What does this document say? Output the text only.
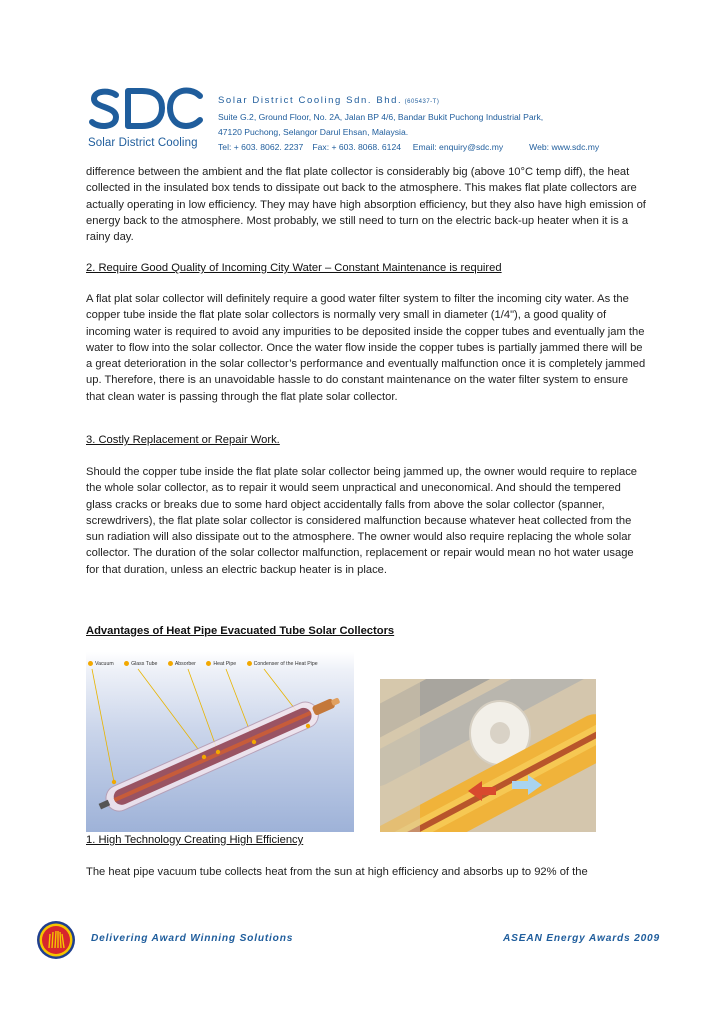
Solar District Cooling
Solar District Cooling Sdn. Bhd. (605437-T)
Suite G.2, Ground Floor, No. 2A, Jalan BP 4/6, Bandar Bukit Puchong Industrial Park,
47120 Puchong, Selangor Darul Ehsan, Malaysia.
Tel: + 603. 8062. 2237 Fax: + 603. 8068. 6124 Email: enquiry@sdc.my	Web: www.sdc.my

difference between the ambient and the flat plate collector is considerably big (above 10°C temp diff), the heat collected in the insulated box tends to dissipate out back to the atmosphere. This makes flat plate collectors are actually operating in low efficiency. They may have high absorption efficiency, but they also have high emission of energy back to the atmosphere. Most probably, we still need to turn on the electric back-up heater when it is a rainy day.

2. Require Good Quality of Incoming City Water – Constant Maintenance is required

A flat plat solar collector will definitely require a good water filter system to filter the incoming city water. As the copper tube inside the flat plate solar collectors is normally very small in diameter (1/4"), a good quality of incoming water is required to avoid any impurities to be deposited inside the copper tubes and eventually jam the water to flow into the solar collector. Once the water flow inside the copper tubes is partially jammed there will be a great deterioration in the solar collector’s performance and eventually malfunction once it is completely jammed up. Therefore, there is an unavoidable hassle to do constant maintenance on the water filter system to ensure that clean water is passing through the flat plate solar collector.

3. Costly Replacement or Repair Work.

Should the copper tube inside the flat plate solar collector being jammed up, the owner would require to replace the whole solar collector, as to repair it would seem unpractical and uneconomical. And should the tempered glass cracks or breaks due to some hard object accidentally falls from above the solar collector (spanner, screwdrivers), the flat plate solar collector is considered malfunction because whatever heat collected from the sun radiation will also dissipate out to the atmosphere. The owner would also require replacing the whole solar collector. The duration of the solar collector malfunction, replacement or repair would mean no hot water usage for that duration, unless an electric backup heater is in place.

Advantages of Heat Pipe Evacuated Tube Solar Collectors
Vacuum	Glass Tube	Absorber	Heat Pipe	Condenser of the Heat Pipe
1. High Technology Creating High Efficiency

The heat pipe vacuum tube collects heat from the sun at high efficiency and absorbs up to 92% of the

Delivering Award Winning Solutions	ASEAN Energy Awards 2009
